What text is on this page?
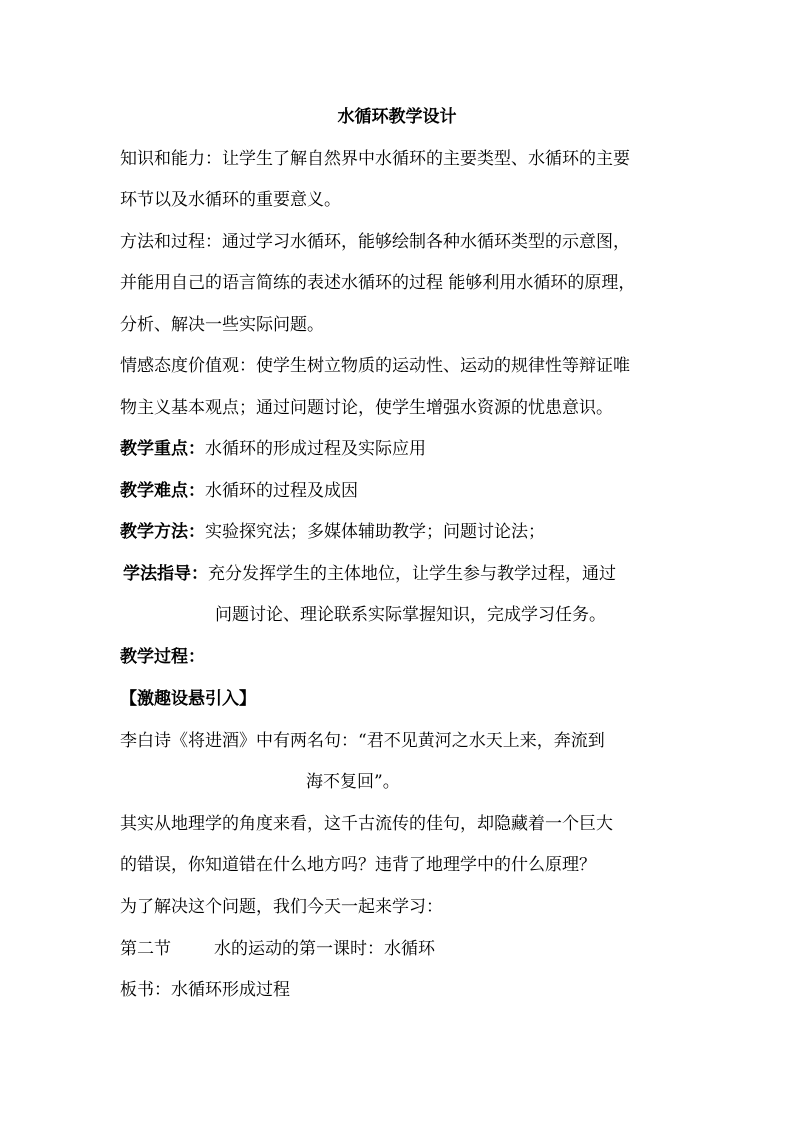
水循环教学设计
知识和能力：让学生了解自然界中水循环的主要类型、水循环的主要
环节以及水循环的重要意义。
方法和过程：通过学习水循环，能够绘制各种水循环类型的示意图，
并能用自己的语言简练的表述水循环的过程 能够利用水循环的原理，
分析、解决一些实际问题。
情感态度价值观：使学生树立物质的运动性、运动的规律性等辩证唯
物主义基本观点；通过问题讨论，使学生增强水资源的忧患意识。
教学重点：水循环的形成过程及实际应用
教学难点：水循环的过程及成因
教学方法：实验探究法；多媒体辅助教学；问题讨论法；
学法指导：充分发挥学生的主体地位，让学生参与教学过程，通过
问题讨论、理论联系实际掌握知识，完成学习任务。
教学过程：
【激趣设悬引入】
李白诗《将进酒》中有两名句：“君不见黄河之水天上来，奔流到
海不复回”。
其实从地理学的角度来看，这千古流传的佳句，却隐藏着一个巨大
的错误，你知道错在什么地方吗？违背了地理学中的什么原理？
为了解决这个问题，我们今天一起来学习：
第二节	水的运动的第一课时：水循环
板书：水循环形成过程
